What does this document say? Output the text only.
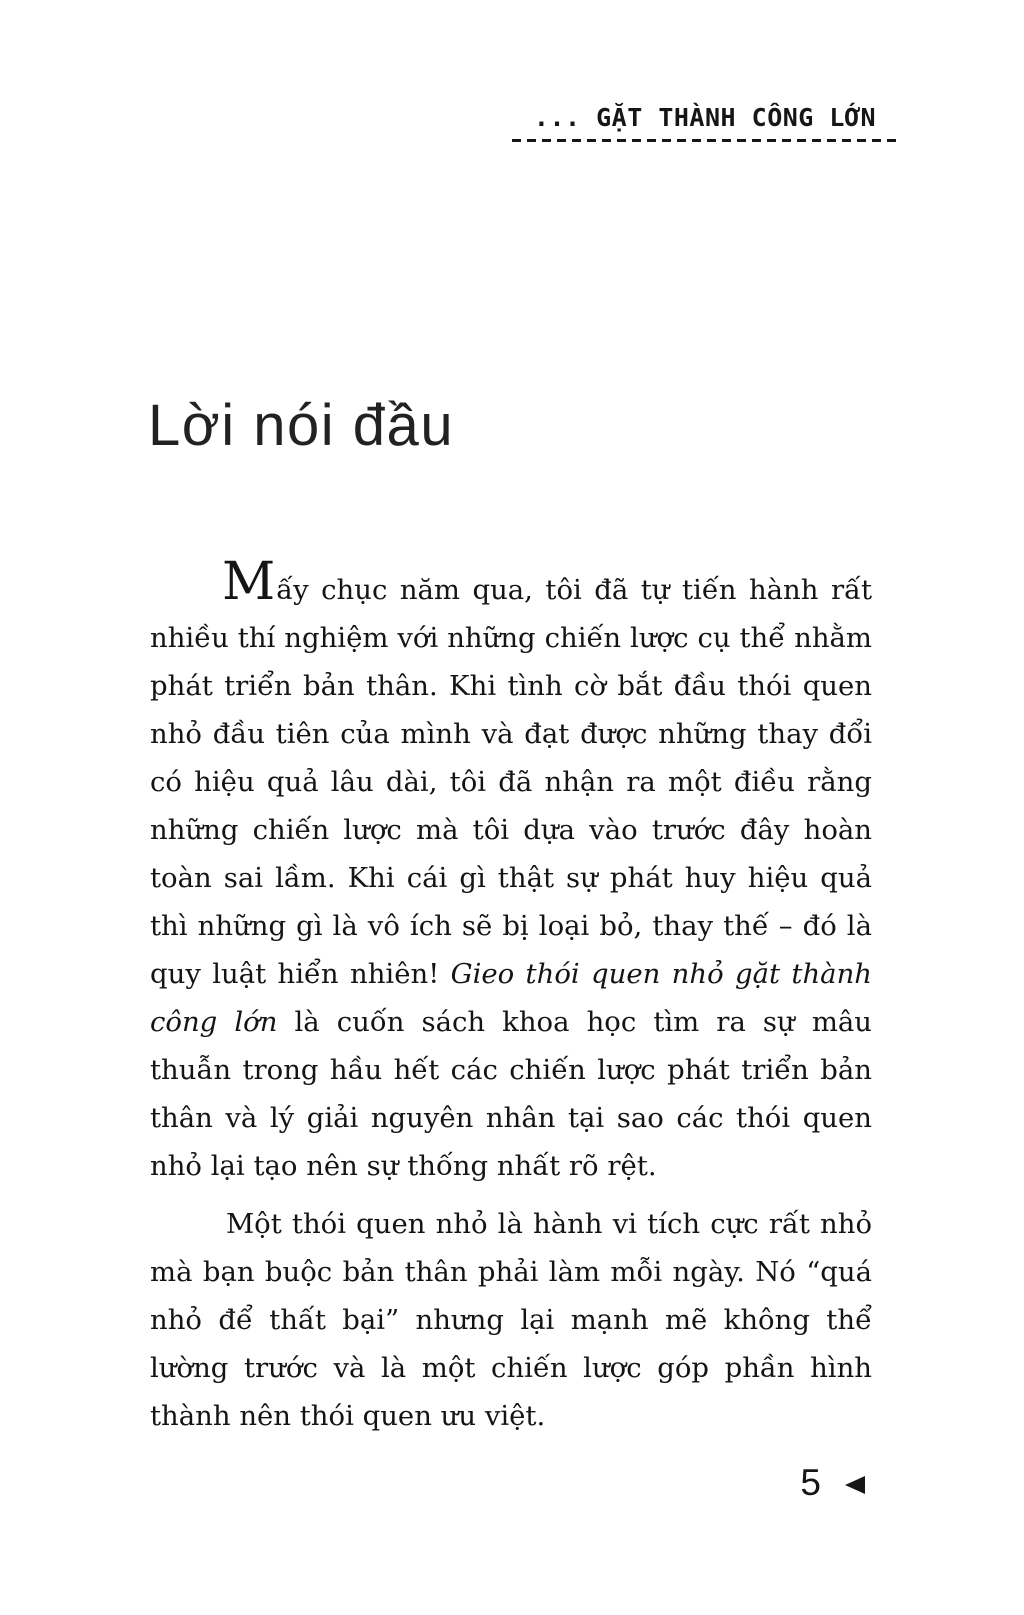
... GẶT THÀNH CÔNG LỚN
Lời nói đầu

Mấy chục năm qua, tôi đã tự tiến hành rất nhiều thí nghiệm với những chiến lược cụ thể nhằm phát triển bản thân. Khi tình cờ bắt đầu thói quen nhỏ đầu tiên của mình và đạt được những thay đổi có hiệu quả lâu dài, tôi đã nhận ra một điều rằng những chiến lược mà tôi dựa vào trước đây hoàn toàn sai lầm. Khi cái gì thật sự phát huy hiệu quả thì những gì là vô ích sẽ bị loại bỏ, thay thế – đó là quy luật hiển nhiên! Gieo thói quen nhỏ gặt thành công lớn là cuốn sách khoa học tìm ra sự mâu thuẫn trong hầu hết các chiến lược phát triển bản thân và lý giải nguyên nhân tại sao các thói quen nhỏ lại tạo nên sự thống nhất rõ rệt.

Một thói quen nhỏ là hành vi tích cực rất nhỏ mà bạn buộc bản thân phải làm mỗi ngày. Nó “quá nhỏ để thất bại” nhưng lại mạnh mẽ không thể lường trước và là một chiến lược góp phần hình thành nên thói quen ưu việt.

5
